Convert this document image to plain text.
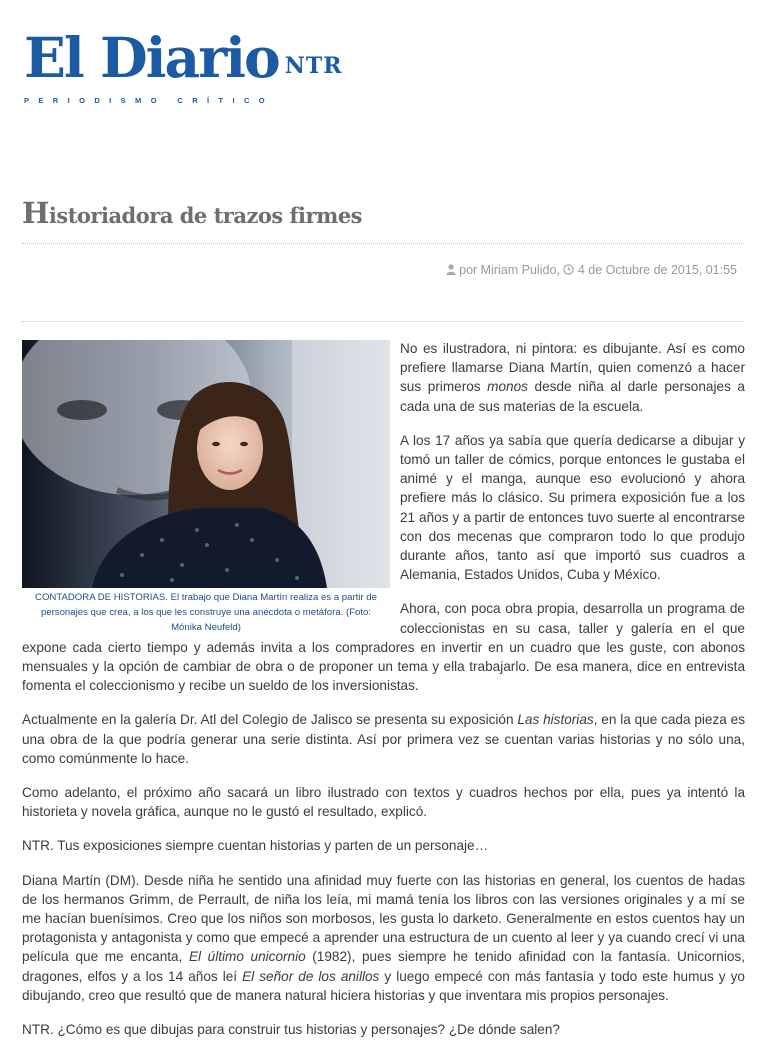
El Diario NTR
PERIODISMO CRÍTICO
Historiadora de trazos firmes
por Miriam Pulido, 4 de Octubre de 2015, 01:55
CONTADORA DE HISTORIAS. El trabajo que Diana Martín realiza es a partir de personajes que crea, a los que les construye una anécdota o metáfora. (Foto: Mónika Neufeld)

No es ilustradora, ni pintora: es dibujante. Así es como prefiere llamarse Diana Martín, quien comenzó a hacer sus primeros monos desde niña al darle personajes a cada una de sus materias de la escuela.

A los 17 años ya sabía que quería dedicarse a dibujar y tomó un taller de cómics, porque entonces le gustaba el animé y el manga, aunque eso evolucionó y ahora prefiere más lo clásico. Su primera exposición fue a los 21 años y a partir de entonces tuvo suerte al encontrarse con dos mecenas que compraron todo lo que produjo durante años, tanto así que importó sus cuadros a Alemania, Estados Unidos, Cuba y México.

Ahora, con poca obra propia, desarrolla un programa de coleccionistas en su casa, taller y galería en el que expone cada cierto tiempo y además invita a los compradores en invertir en un cuadro que les guste, con abonos mensuales y la opción de cambiar de obra o de proponer un tema y ella trabajarlo. De esa manera, dice en entrevista fomenta el coleccionismo y recibe un sueldo de los inversionistas.

Actualmente en la galería Dr. Atl del Colegio de Jalisco se presenta su exposición Las historias, en la que cada pieza es una obra de la que podría generar una serie distinta. Así por primera vez se cuentan varias historias y no sólo una, como comúnmente lo hace.

Como adelanto, el próximo año sacará un libro ilustrado con textos y cuadros hechos por ella, pues ya intentó la historieta y novela gráfica, aunque no le gustó el resultado, explicó.

NTR. Tus exposiciones siempre cuentan historias y parten de un personaje…

Diana Martín (DM). Desde niña he sentido una afinidad muy fuerte con las historias en general, los cuentos de hadas de los hermanos Grimm, de Perrault, de niña los leía, mi mamá tenía los libros con las versiones originales y a mí se me hacían buenísimos. Creo que los niños son morbosos, les gusta lo darketo. Generalmente en estos cuentos hay un protagonista y antagonista y como que empecé a aprender una estructura de un cuento al leer y ya cuando crecí vi una película que me encanta, El último unicornio (1982), pues siempre he tenido afinidad con la fantasía. Unicornios, dragones, elfos y a los 14 años leí El señor de los anillos y luego empecé con más fantasía y todo este humus y yo dibujando, creo que resultó que de manera natural hiciera historias y que inventara mis propios personajes.

NTR. ¿Cómo es que dibujas para construir tus historias y personajes? ¿De dónde salen?
